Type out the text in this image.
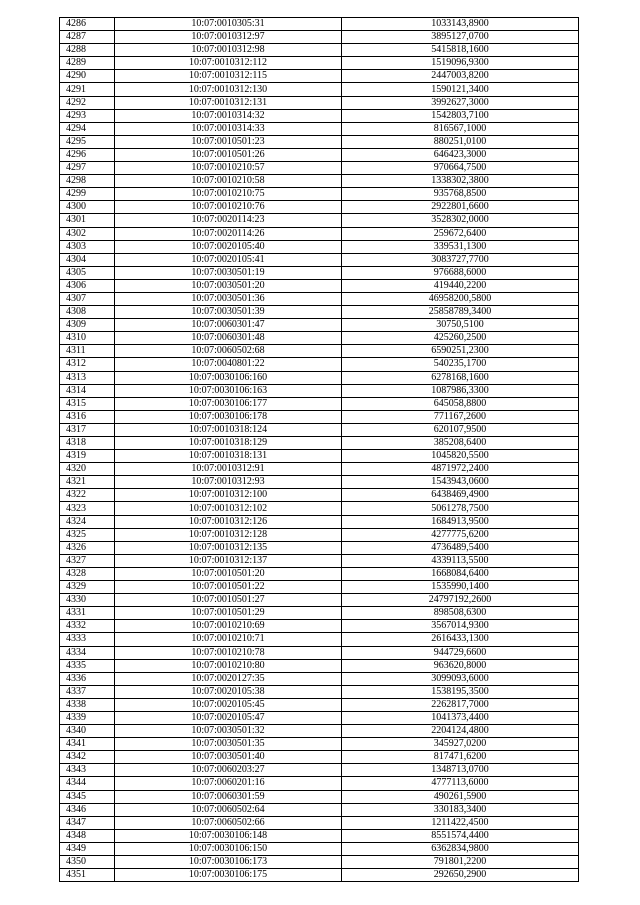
4286	10:07:0010305:31	1033143,8900
4287	10:07:0010312:97	3895127,0700
4288	10:07:0010312:98	5415818,1600
4289	10:07:0010312:112	1519096,9300
4290	10:07:0010312:115	2447003,8200
4291	10:07:0010312:130	1590121,3400
4292	10:07:0010312:131	3992627,3000
4293	10:07:0010314:32	1542803,7100
4294	10:07:0010314:33	816567,1000
4295	10:07:0010501:23	880251,0100
4296	10:07:0010501:26	646423,3000
4297	10:07:0010210:57	970664,7500
4298	10:07:0010210:58	1338302,3800
4299	10:07:0010210:75	935768,8500
4300	10:07:0010210:76	2922801,6600
4301	10:07:0020114:23	3528302,0000
4302	10:07:0020114:26	259672,6400
4303	10:07:0020105:40	339531,1300
4304	10:07:0020105:41	3083727,7700
4305	10:07:0030501:19	976688,6000
4306	10:07:0030501:20	419440,2200
4307	10:07:0030501:36	46958200,5800
4308	10:07:0030501:39	25858789,3400
4309	10:07:0060301:47	30750,5100
4310	10:07:0060301:48	425260,2500
4311	10:07:0060502:68	6590251,2300
4312	10:07:0040801:22	540235,1700
4313	10:07:0030106:160	6278168,1600
4314	10:07:0030106:163	1087986,3300
4315	10:07:0030106:177	645058,8800
4316	10:07:0030106:178	771167,2600
4317	10:07:0010318:124	620107,9500
4318	10:07:0010318:129	385208,6400
4319	10:07:0010318:131	1045820,5500
4320	10:07:0010312:91	4871972,2400
4321	10:07:0010312:93	1543943,0600
4322	10:07:0010312:100	6438469,4900
4323	10:07:0010312:102	5061278,7500
4324	10:07:0010312:126	1684913,9500
4325	10:07:0010312:128	4277775,6200
4326	10:07:0010312:135	4736489,5400
4327	10:07:0010312:137	4339113,5500
4328	10:07:0010501:20	1668084,6400
4329	10:07:0010501:22	1535990,1400
4330	10:07:0010501:27	24797192,2600
4331	10:07:0010501:29	898508,6300
4332	10:07:0010210:69	3567014,9300
4333	10:07:0010210:71	2616433,1300
4334	10:07:0010210:78	944729,6600
4335	10:07:0010210:80	963620,8000
4336	10:07:0020127:35	3099093,6000
4337	10:07:0020105:38	1538195,3500
4338	10:07:0020105:45	2262817,7000
4339	10:07:0020105:47	1041373,4400
4340	10:07:0030501:32	2204124,4800
4341	10:07:0030501:35	345927,0200
4342	10:07:0030501:40	817471,6200
4343	10:07:0060203:27	1348713,0700
4344	10:07:0060201:16	4777113,6000
4345	10:07:0060301:59	490261,5900
4346	10:07:0060502:64	330183,3400
4347	10:07:0060502:66	1211422,4500
4348	10:07:0030106:148	8551574,4400
4349	10:07:0030106:150	6362834,9800
4350	10:07:0030106:173	791801,2200
4351	10:07:0030106:175	292650,2900
